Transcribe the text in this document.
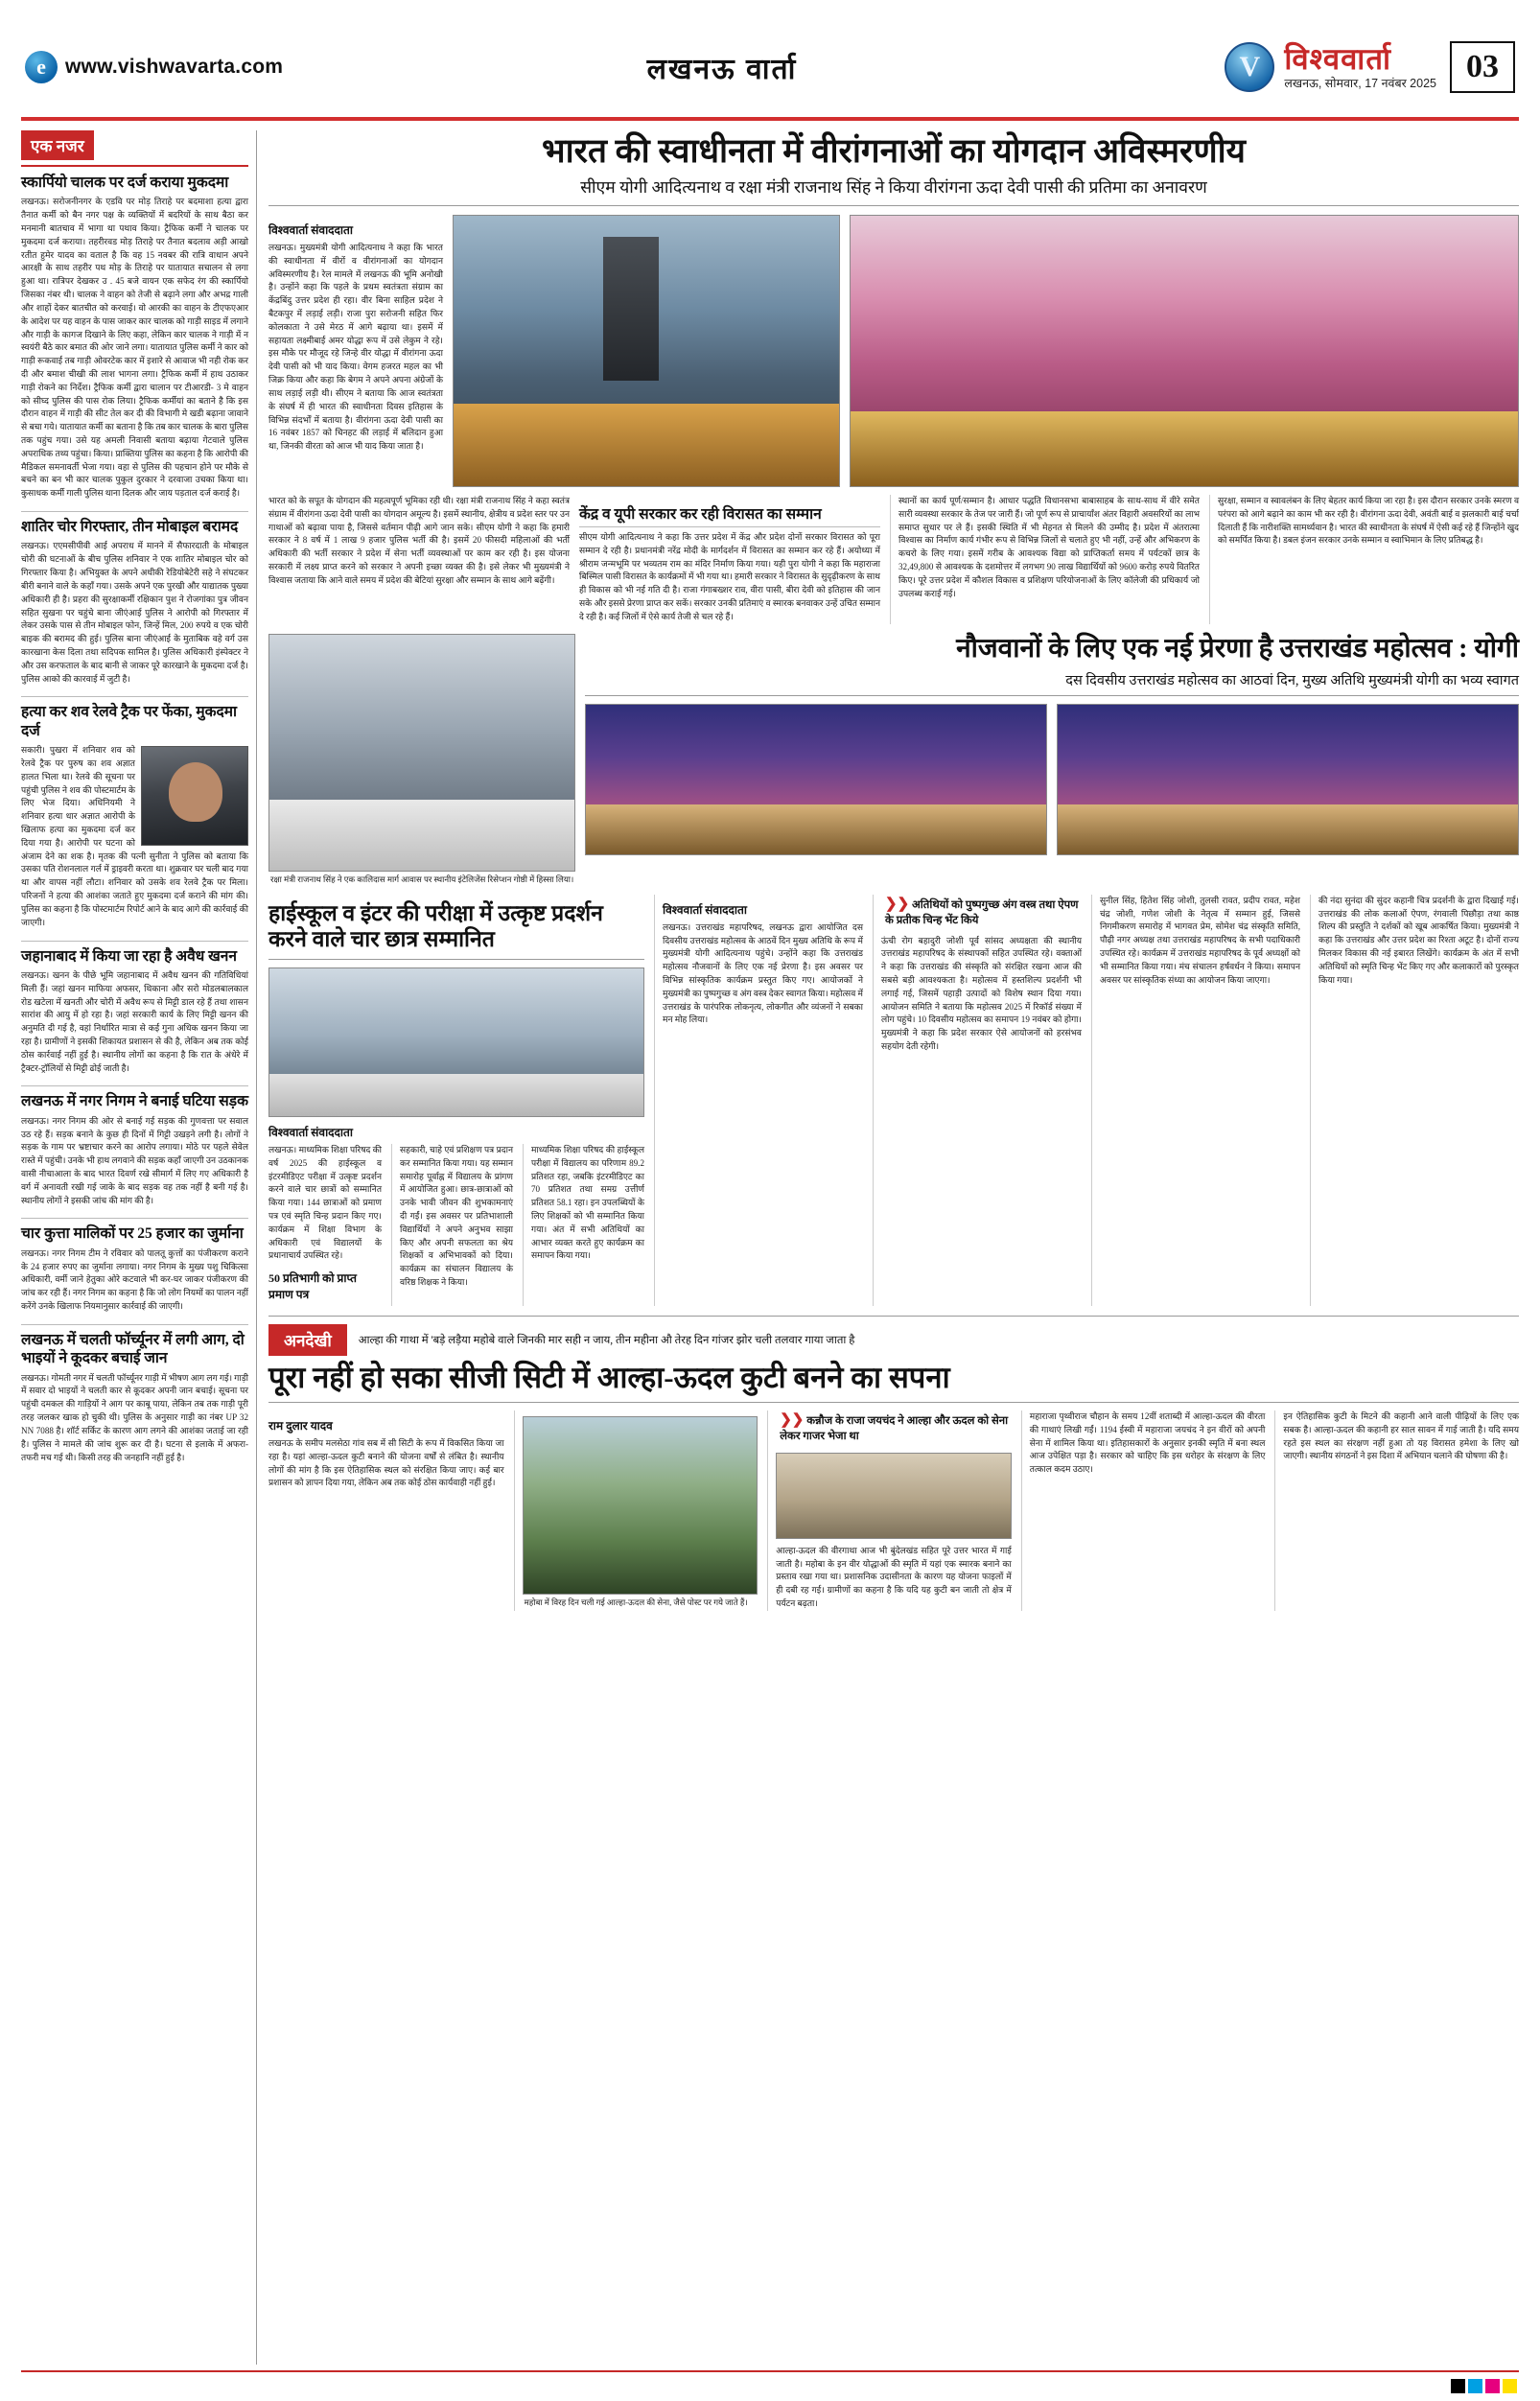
e www.vishwavarta.com	लखनऊ वार्ता V	विश्ववार्ता
लखनऊ, सोमवार, 17 नवंबर 2025 03
एक नजर
स्कार्पियो चालक पर दर्ज कराया मुकदमा
लखनऊ। सरोजनीनगर के एडवि पर मोड़ तिराहे पर बदमाशा हत्या द्वारा तैनात कर्मी को बैन नगर पक्ष के व्यक्तियों में बदरियों के साथ बैठा कर मनमानी बातचाव में भागा था पथाव किया। ट्रैफिक कर्मी ने चालक पर मुकदमा दर्ज कराया। तहरीरवड मोड़ तिराहे पर तैनात बदलाव अड़ी आखो रतीत हुमेर यादव का वताल है कि वह 15 नवबर की रात्रि वाधान अपने आरक्षी के साथ तहरीर पथ मोड़ के तिराहे पर यातायात सचालन से लगा हुआ था। रात्रिपर देखकर उ . 45 बजे वायन एक सफेद रंग की स्कार्पियो जिसका नंबर थी। चालक ने वाहन को तेजी से बढ़ाने लगा और अभद्र गाली और शाहों देकर बातचीत को करवाई। वो आरकी का वाहन के टीएफएआर के आदेश पर यह वाहन के पास जाकर कार चालक को गाड़ी साइड में लगाने और गाड़ी के कागज दिखाने के लिए कहा, लेकिन कार चालक ने गाड़ी में न स्वयंरी बैठे कार बमात की ओर जाने लगा। यातायात पुलिस कर्मी ने कार को गाड़ी रूकवाई तब गाड़ी ओवरटेक कार में इशारे से आवाज भी नही रोक कर दी और बमाश चीखी की लाश भागना लगा। ट्रैफिक कर्मी में हाथ उठाकर गाड़ी रोकने का निर्देश। ट्रैफिक कर्मी द्वारा चालान पर टीआरडी- 3 मे वाहन को सीघ्द पुलिस की पास रोक लिया। ट्रैफिक कर्मीयां का बताने है कि इस दौरान वाहन में गाड़ी की सीट तेल कर दी की विभागी मे खडी बढ़ाना जावाने से बचा गये। यातायात कर्मी का बताना है कि तब कार चालक के बारा पुलिस तक पहुंच गया। उसे यह अमली निवासी बताया बढ़ाया गेटवाले पुलिस अपराधिक तथ्य पहुंचा। किया। प्राक्तिया पुलिस का कहना है कि आरोपी की मैडिकल समनावर्ती भेजा गया। वहा से पुलिस की पहचान होने पर मौके से बचने का बन भी कार चालक पुकुल दुरकार ने दरवाजा उचका किया था। कुसाधक कर्मी गाली पुलिस थाना दिलक और जाय पड़ताल दर्ज कराई है।
शातिर चोर गिरफ्तार, तीन मोबाइल बरामद
लखनऊ। एएमसीपीवी आई अपराध में मानने में सैफारदाती के मोबाइल चोरी की घटनाओं के बीच पुलिस शनिवार ने एक शातिर मोबाइल चोर को गिरफ्तार किया है। अभियुक्त के अपने अधीकी रेडियोबेटेरी सहे ने संघटकर बीरी बनाने वाले के कहाँ गया। उसके अपने एक पुरखी और याद्यातक पुख्या अधिकारी ही है। प्रहरा की सुरक्षाकर्मी रक्षिकान पुश ने रोजगांका पुत्र जीवन सहित सुखना पर चहुंचे बाना जीएंआई पुलिस ने आरोपी को गिरफ्तार में लेकर उसके पास से तीन मोबाइल फोन, जिन्हें मिल, 200 रुपये व एक चोरी बाइक की बरामद की हुई। पुलिस बाना जीएंआई के मुताबिक वहे वर्ग उस कारखाना केस दिला तथा सदिपक सामिल है। पुलिस अधिकारी इंस्पेक्टर ने और उस करफताल के बाद बानी से जाकर पूरे कारखाने के मुकदमा दर्ज है। पुलिस आको की कारवाई में जुटी है।
हत्या कर शव रेलवे ट्रैक पर फेंका, मुकदमा दर्ज
सकारी। पुखरा में शनिवार शव को रेलवे ट्रैक पर पुरुष का शव अज्ञात हालत भिला था। रेलवे की सूचना पर पहुंची पुलिस ने शव की पोस्टमार्टम के लिए भेज दिया। अधिनियमी ने शनिवार हत्या धार अज्ञात आरोपी के खिलाफ हत्या का मुकदमा दर्ज कर दिया गया है। आरोपी पर घटना को अंजाम देने का शक है। मृतक की पत्नी सुनीता ने पुलिस को बताया कि उसका पति रोशनलाल गर्ल में ड्राइवरी करता था। शुक्रवार घर चली बाद गया था और वापस नहीं लौटा। शनिवार को उसके शव रेलवे ट्रैक पर मिला। परिजनों ने हत्या की आशंका जताते हुए मुकदमा दर्ज कराने की मांग की। पुलिस का कहना है कि पोस्टमार्टम रिपोर्ट आने के बाद आगे की कार्रवाई की जाएगी।
जहानाबाद में किया जा रहा है अवैध खनन
लखनऊ। खनन के पीछे भूमि जहानाबाद में अवैध खनन की गतिविधियां मिली हैं। जहां खनन माफिया अफसर, थिकाना और सरो मोडलबालकाल रोड खटेला में खनती और चोरी में अवैध रूप से मिट्टी डाल रहे हैं तथा शासन सारांश की आयु में हो रहा है। जहां सरकारी कार्य के लिए मिट्टी खनन की अनुमति दी गई है, वहां निर्धारित मात्रा से कई गुना अधिक खनन किया जा रहा है। ग्रामीणों ने इसकी शिकायत प्रशासन से की है, लेकिन अब तक कोई ठोस कार्रवाई नहीं हुई है। स्थानीय लोगों का कहना है कि रात के अंधेरे में ट्रैक्टर-ट्रॉलियों से मिट्टी ढोई जाती है।
लखनऊ में नगर निगम ने बनाई घटिया सड़क
लखनऊ। नगर निगम की ओर से बनाई गई सड़क की गुणवत्ता पर सवाल उठ रहे हैं। सड़क बनाने के कुछ ही दिनों में गिट्टी उखड़ने लगी है। लोगों ने सड़क के गाम पर भ्रष्टाचार करने का आरोप लगाया। मोठे पर पहले सेवेल रास्ते में पहुंची। उनके भी हाथ लगवाने की सड़क कहाँ जाएगी उन उठकानक वासी नीचाआला के बाद भारत दिवर्ण रखे सीमार्ग में लिए गए अधिकारी है वर्ग में अनावती रखी गई जाके के बाद सड़क वह तक नहीं है बनी गई है। स्थानीय लोगों ने इसकी जांच की मांग की है।
चार कुत्ता मालिकों पर 25 हजार का जुर्माना
लखनऊ। नगर निगम टीम ने रविवार को पालतू कुत्तों का पंजीकरण कराने के 24 हजार रुपए का जुर्माना लगाया। नगर निगम के मुख्य पशु चिकित्सा अधिकारी, वर्मी जाने हेतुका ओरे कटवाले भी कर-घर जाकर पंजीकरण की जांच कर रही हैं। नगर निगम का कहना है कि जो लोग नियमों का पालन नहीं करेंगे उनके खिलाफ नियमानुसार कार्रवाई की जाएगी।
लखनऊ में चलती फॉर्च्यूनर में लगी आग, दो भाइयों ने कूदकर बचाई जान
लखनऊ। गोमती नगर में चलती फॉर्च्यूनर गाड़ी में भीषण आग लग गई। गाड़ी में सवार दो भाइयों ने चलती कार से कूदकर अपनी जान बचाई। सूचना पर पहुंची दमकल की गाड़ियों ने आग पर काबू पाया, लेकिन तब तक गाड़ी पूरी तरह जलकर खाक हो चुकी थी। पुलिस के अनुसार गाड़ी का नंबर UP 32 NN 7088 है। शॉर्ट सर्किट के कारण आग लगने की आशंका जताई जा रही है। पुलिस ने मामले की जांच शुरू कर दी है। घटना से इलाके में अफरा-तफरी मच गई थी। किसी तरह की जनहानि नहीं हुई है।
भारत की स्वाधीनता में वीरांगनाओं का योगदान अविस्मरणीय
सीएम योगी आदित्यनाथ व रक्षा मंत्री राजनाथ सिंह ने किया वीरांगना ऊदा देवी पासी की प्रतिमा का अनावरण
विश्ववार्ता संवाददाता
लखनऊ। मुख्यमंत्री योगी आदित्यनाथ ने कहा कि भारत की स्वाधीनता में वीरों व वीरांगनाओं का योगदान अविस्मरणीय है। रेल मामले में लखनऊ की भूमि अनोखी है। उन्होंने कहा कि पहले के प्रथम स्वतंत्रता संग्राम का केंद्रबिंदु उत्तर प्रदेश ही रहा। वीर बिना साहिल प्रदेश ने बैटकपुर में लड़ाई लड़ी। राजा पुरा सरोजनी सहित फिर कोलकाता ने उसे मेरठ में आगे बढ़ाया था। इसमें में सहायता लक्ष्मीबाई अमर योद्धा रूप में उसे लेकुम ने रहे। इस मौके पर मौजूद रहे जिन्हे वीर योद्धा में वीरांगना ऊदा देवी पासी को भी याद किया। वेगम हजरत महल का भी जिक्र किया और कहा कि बेगम ने अपने अपना अंग्रेजों के साथ लड़ाई लड़ी थी। सीएम ने बताया कि आज स्वतंत्रता के संघर्ष में ही भारत की स्वाधीनता दिवस इतिहास के विभिन्न संदर्भों में बताया है। वीरांगना ऊदा देवी पासी का 16 नवंबर 1857 को चिनहट की लड़ाई में बलिदान हुआ था, जिनकी वीरता को आज भी याद किया जाता है।
भारत को के सपूत के योगदान की महत्वपूर्ण भूमिका रही थी। रक्षा मंत्री राजनाथ सिंह ने कहा स्वतंत्र संग्राम में वीरांगना ऊदा देवी पासी का योगदान अमूल्य है। इसमें स्थानीय, क्षेत्रीय व प्रदेश स्तर पर उन गाथाओं को बढ़ावा पाया है, जिससे वर्तमान पीढ़ी आगे जान सके। सीएम योगी ने कहा कि हमारी सरकार ने 8 वर्ष में 1 लाख 9 हजार पुलिस भर्ती की है। इसमें 20 फीसदी महिलाओं की भर्ती अधिकारी की भर्ती सरकार ने प्रदेश में सेना भर्ती व्यवस्थाओं पर काम कर रही है। इस योजना सरकारी में लक्ष्य प्राप्त करने को सरकार ने अपनी इच्छा व्यक्त की है। इसे लेकर भी मुख्यमंत्री ने विश्वास जताया कि आने वाले समय में प्रदेश की बेटियां सुरक्षा और सम्मान के साथ आगे बढ़ेंगी।
केंद्र व यूपी सरकार कर रही विरासत का सम्मान
सीएम योगी आदित्यनाथ ने कहा कि उत्तर प्रदेश में केंद्र और प्रदेश दोनों सरकार विरासत को पूरा सम्मान दे रही है। प्रधानमंत्री नरेंद्र मोदी के मार्गदर्शन में विरासत का सम्मान कर रहे हैं। अयोध्या में श्रीराम जन्मभूमि पर भव्यतम राम का मंदिर निर्माण किया गया। यही पुरा योगी ने कहा कि महाराजा बिस्मिल पासी विरासत के कार्यक्रमों में भी गया था। हमारी सरकार ने विरासत के सुदृढ़ीकरण के साथ ही विकास को भी नई गति दी है। राजा गंगाबख्शर राव, वीरा पासी, बीरा देवी को इतिहास की जान सके और इससे प्रेरणा प्राप्त कर सकें। सरकार उनकी प्रतिमाएं व स्मारक बनवाकर उन्हें उचित सम्मान दे रही है। कई जिलों में ऐसे कार्य तेजी से चल रहे हैं।
स्थानों का कार्य पूर्ण/सम्मान है। आधार पद्धति विधानसभा बाबासाहब के साथ-साथ में वीरे समेत सारी व्यवस्था सरकार के तेज पर जारी हैं। जो पूर्ण रूप से प्राचार्यांश अंतर विहारी अवसरियों का लाभ समाप्त सुधार पर ले हैं। इसकी स्थिति में भी मेहनत से मिलने की उम्मीद है। प्रदेश में अंतरात्मा विश्वास का निर्माण कार्य गंभीर रूप से विभिन्न जिलों से चलाते हुए भी नहीं, उन्हें और अभिकरण के कचरो के लिए गया। इसमें गरीब के आवश्यक विद्या को प्राप्तिकर्ता समय में पर्यटकों छात्र के 32,49,800 से आवश्यक के दशमोत्तर में लगभग 90 लाख विद्यार्थियों को 9600 करोड़ रुपये वितरित किए। पूरे उत्तर प्रदेश में कौशल विकास व प्रशिक्षण परियोजनाओं के लिए कॉलेजी की प्रधिकार्य जो उपलब्ध कराई गई।
सुरक्षा, सम्मान व स्वावलंबन के लिए बेहतर कार्य किया जा रहा है। इस दौरान सरकार उनके स्मरण व परंपरा को आगे बढ़ाने का काम भी कर रही है। वीरांगना ऊदा देवी, अवंती बाई व झलकारी बाई चर्चा दिलाती हैं कि नारीशक्ति सामर्थ्यवान है। भारत की स्वाधीनता के संघर्ष में ऐसी कई रहे हैं जिन्होंने खुद को समर्पित किया है। डबल इंजन सरकार उनके सम्मान व स्वाभिमान के लिए प्रतिबद्ध है।
रक्षा मंत्री राजनाथ सिंह ने एक कालिदास मार्ग आवास पर स्थानीय इंटेलिजेंस रिसेप्शन गोष्ठी में हिस्सा लिया।
नौजवानों के लिए एक नई प्रेरणा है उत्तराखंड महोत्सव : योगी
दस दिवसीय उत्तराखंड महोत्सव का आठवां दिन, मुख्य अतिथि मुख्यमंत्री योगी का भव्य स्वागत
हाईस्कूल व इंटर की परीक्षा में उत्कृष्ट प्रदर्शन करने वाले चार छात्र सम्मानित
विश्ववार्ता संवाददाता
लखनऊ। माध्यमिक शिक्षा परिषद की वर्ष 2025 की हाईस्कूल व इंटरमीडिएट परीक्षा में उत्कृष्ट प्रदर्शन करने वाले चार छात्रों को सम्मानित किया गया। 144 छात्राओं को प्रमाण पत्र एवं स्मृति चिन्ह प्रदान किए गए। कार्यक्रम में शिक्षा विभाग के अधिकारी एवं विद्यालयों के प्रधानाचार्य उपस्थित रहे।
50 प्रतिभागी को प्राप्त प्रमाण पत्र
सहकारी, चाहे एवं प्रशिक्षण पत्र प्रदान कर सम्मानित किया गया। यह सम्मान समारोह पूर्वाह्न में विद्यालय के प्रांगण में आयोजित हुआ। छात्र-छात्राओं को उनके भावी जीवन की शुभकामनाएं दी गईं। इस अवसर पर प्रतिभाशाली विद्यार्थियों ने अपने अनुभव साझा किए और अपनी सफलता का श्रेय शिक्षकों व अभिभावकों को दिया। कार्यक्रम का संचालन विद्यालय के वरिष्ठ शिक्षक ने किया।
माध्यमिक शिक्षा परिषद की हाईस्कूल परीक्षा में विद्यालय का परिणाम 89.2 प्रतिशत रहा, जबकि इंटरमीडिएट का 70 प्रतिशत तथा समग्र उत्तीर्ण प्रतिशत 58.1 रहा। इन उपलब्धियों के लिए शिक्षकों को भी सम्मानित किया गया। अंत में सभी अतिथियों का आभार व्यक्त करते हुए कार्यक्रम का समापन किया गया।
विश्ववार्ता संवाददाता
लखनऊ। उत्तराखंड महापरिषद, लखनऊ द्वारा आयोजित दस दिवसीय उत्तराखंड महोत्सव के आठवें दिन मुख्य अतिथि के रूप में मुख्यमंत्री योगी आदित्यनाथ पहुंचे। उन्होंने कहा कि उत्तराखंड महोत्सव नौजवानों के लिए एक नई प्रेरणा है। इस अवसर पर विभिन्न सांस्कृतिक कार्यक्रम प्रस्तुत किए गए। आयोजकों ने मुख्यमंत्री का पुष्पगुच्छ व अंग वस्त्र देकर स्वागत किया। महोत्सव में उत्तराखंड के पारंपरिक लोकनृत्य, लोकगीत और व्यंजनों ने सबका मन मोह लिया।
❯❯ अतिथियों को पुष्पगुच्छ अंग वस्त्र तथा ऐपण के प्रतीक चिन्ह भेंट किये
ऊंची रोग बहादुरी जोशी पूर्व सांसद अध्यक्षता की स्थानीय उत्तराखंड महापरिषद के संस्थापकों सहित उपस्थित रहे। वक्ताओं ने कहा कि उत्तराखंड की संस्कृति को संरक्षित रखना आज की सबसे बड़ी आवश्यकता है। महोत्सव में हस्तशिल्प प्रदर्शनी भी लगाई गई, जिसमें पहाड़ी उत्पादों को विशेष स्थान दिया गया। आयोजन समिति ने बताया कि महोत्सव 2025 में रिकॉर्ड संख्या में लोग पहुंचे। 10 दिवसीय महोत्सव का समापन 19 नवंबर को होगा। मुख्यमंत्री ने कहा कि प्रदेश सरकार ऐसे आयोजनों को हरसंभव सहयोग देती रहेगी।
सुनील सिंह, हितेश सिंह जोशी, तुलसी रावत, प्रदीप रावत, महेश चंद्र जोशी, गणेश जोशी के नेतृत्व में सम्मान हुई, जिससे निगमीकरण समारोह में भागवत प्रेम, सोमेश चंद्र संस्कृति समिति, पौढ़ी नगर अध्यक्ष तथा उत्तराखंड महापरिषद के सभी पदाधिकारी उपस्थित रहे। कार्यक्रम में उत्तराखंड महापरिषद के पूर्व अध्यक्षों को भी सम्मानित किया गया। मंच संचालन हर्षवर्धन ने किया। समापन अवसर पर सांस्कृतिक संध्या का आयोजन किया जाएगा।
की नंदा सुनंदा की सुंदर कहानी चित्र प्रदर्शनी के द्वारा दिखाई गई। उत्तराखंड की लोक कलाओं ऐपण, रंगवाली पिछौड़ा तथा काष्ठ शिल्प की प्रस्तुति ने दर्शकों को खूब आकर्षित किया। मुख्यमंत्री ने कहा कि उत्तराखंड और उत्तर प्रदेश का रिश्ता अटूट है। दोनों राज्य मिलकर विकास की नई इबारत लिखेंगे। कार्यक्रम के अंत में सभी अतिथियों को स्मृति चिन्ह भेंट किए गए और कलाकारों को पुरस्कृत किया गया।
अनदेखी	आल्हा की गाथा में 'बड़े लड़ैया महोबे वाले जिनकी मार सही न जाय, तीन महीना औ तेरह दिन गांजर झोर चली तलवार गाया जाता है
पूरा नहीं हो सका सीजी सिटी में आल्हा-ऊदल कुटी बनने का सपना
राम दुलार यादव
लखनऊ के समीप मलसेठा गांव सब में सी सिटी के रूप में विकसित किया जा रहा है। यहां आल्हा-ऊदल कुटी बनाने की योजना वर्षों से लंबित है। स्थानीय लोगों की मांग है कि इस ऐतिहासिक स्थल को संरक्षित किया जाए। कई बार प्रशासन को ज्ञापन दिया गया, लेकिन अब तक कोई ठोस कार्यवाही नहीं हुई।
महोबा में विरह दिन चली गई आल्हा-ऊदल की सेना, जैसे पोस्ट पर गये जाते हैं।
❯❯ कन्नौज के राजा जयचंद ने आल्हा और ऊदल को सेना लेकर गाजर भेजा था
आल्हा-ऊदल की वीरगाथा आज भी बुंदेलखंड सहित पूरे उत्तर भारत में गाई जाती है। महोबा के इन वीर योद्धाओं की स्मृति में यहां एक स्मारक बनाने का प्रस्ताव रखा गया था। प्रशासनिक उदासीनता के कारण यह योजना फाइलों में ही दबी रह गई। ग्रामीणों का कहना है कि यदि यह कुटी बन जाती तो क्षेत्र में पर्यटन बढ़ता।
महाराजा पृथ्वीराज चौहान के समय 12वीं शताब्दी में आल्हा-ऊदल की वीरता की गाथाएं लिखी गईं। 1194 ईस्वी में महाराजा जयचंद ने इन वीरों को अपनी सेना में शामिल किया था। इतिहासकारों के अनुसार इनकी स्मृति में बना स्थल आज उपेक्षित पड़ा है। सरकार को चाहिए कि इस धरोहर के संरक्षण के लिए तत्काल कदम उठाए।
इन ऐतिहासिक कुटी के मिटने की कहानी आने वाली पीढ़ियों के लिए एक सबक है। आल्हा-ऊदल की कहानी हर साल सावन में गाई जाती है। यदि समय रहते इस स्थल का संरक्षण नहीं हुआ तो यह विरासत हमेशा के लिए खो जाएगी। स्थानीय संगठनों ने इस दिशा में अभियान चलाने की घोषणा की है।
